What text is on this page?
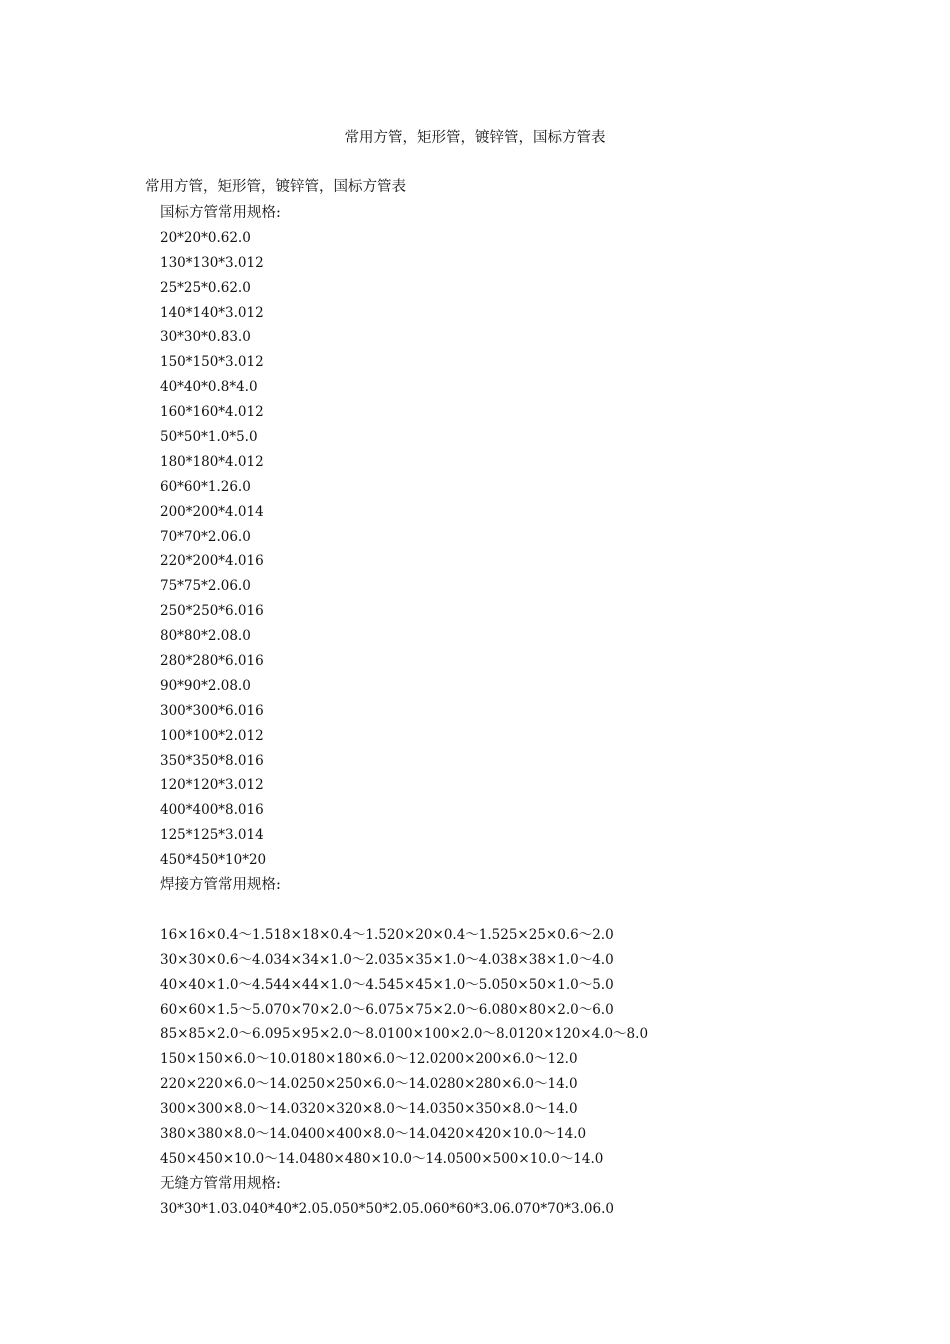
常用方管，矩形管，镀锌管，国标方管表
常用方管，矩形管，镀锌管，国标方管表
国标方管常用规格:
20*20*0.62.0
130*130*3.012
25*25*0.62.0
140*140*3.012
30*30*0.83.0
150*150*3.012
40*40*0.8*4.0
160*160*4.012
50*50*1.0*5.0
180*180*4.012
60*60*1.26.0
200*200*4.014
70*70*2.06.0
220*200*4.016
75*75*2.06.0
250*250*6.016
80*80*2.08.0
280*280*6.016
90*90*2.08.0
300*300*6.016
100*100*2.012
350*350*8.016
120*120*3.012
400*400*8.016
125*125*3.014
450*450*10*20
焊接方管常用规格:
16×16×0.4～1.518×18×0.4～1.520×20×0.4～1.525×25×0.6～2.0
30×30×0.6～4.034×34×1.0～2.035×35×1.0～4.038×38×1.0～4.0
40×40×1.0～4.544×44×1.0～4.545×45×1.0～5.050×50×1.0～5.0
60×60×1.5～5.070×70×2.0～6.075×75×2.0～6.080×80×2.0～6.0
85×85×2.0～6.095×95×2.0～8.0100×100×2.0～8.0120×120×4.0～8.0
150×150×6.0～10.0180×180×6.0～12.0200×200×6.0～12.0
220×220×6.0～14.0250×250×6.0～14.0280×280×6.0～14.0
300×300×8.0～14.0320×320×8.0～14.0350×350×8.0～14.0
380×380×8.0～14.0400×400×8.0～14.0420×420×10.0～14.0
450×450×10.0～14.0480×480×10.0～14.0500×500×10.0～14.0
无缝方管常用规格:
30*30*1.03.040*40*2.05.050*50*2.05.060*60*3.06.070*70*3.06.0
